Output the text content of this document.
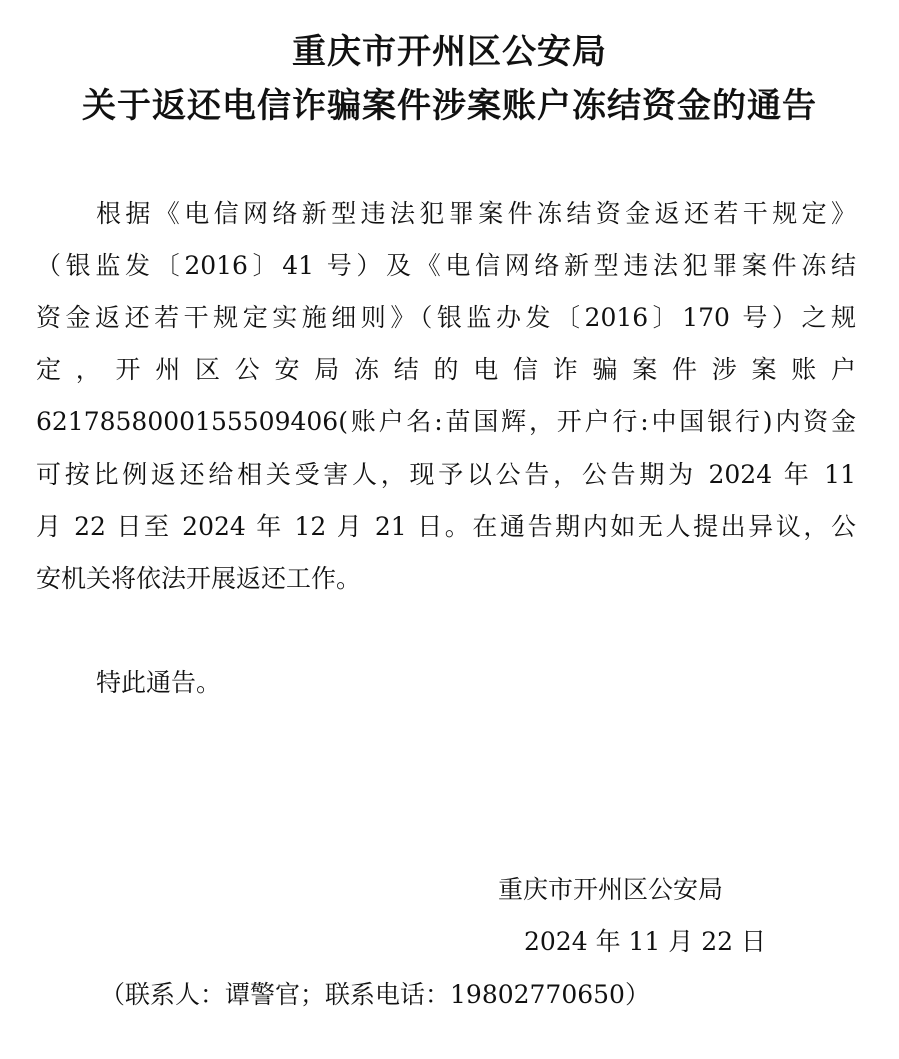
重庆市开州区公安局
关于返还电信诈骗案件涉案账户冻结资金的通告
根据《电信网络新型违法犯罪案件冻结资金返还若干规定》
（银监发〔2016〕41 号）及《电信网络新型违法犯罪案件冻结
资金返还若干规定实施细则》（银监办发〔2016〕170 号）之规
定，开州区公安局冻结的电信诈骗案件涉案账户
6217858000155509406(账户名:苗国辉，开户行:中国银行)内资金
可按比例返还给相关受害人，现予以公告，公告期为 2024 年 11
月 22 日至 2024 年 12 月 21 日。在通告期内如无人提出异议，公
安机关将依法开展返还工作。
特此通告。
重庆市开州区公安局
2024 年 11 月 22 日
（联系人：谭警官；联系电话：19802770650）
